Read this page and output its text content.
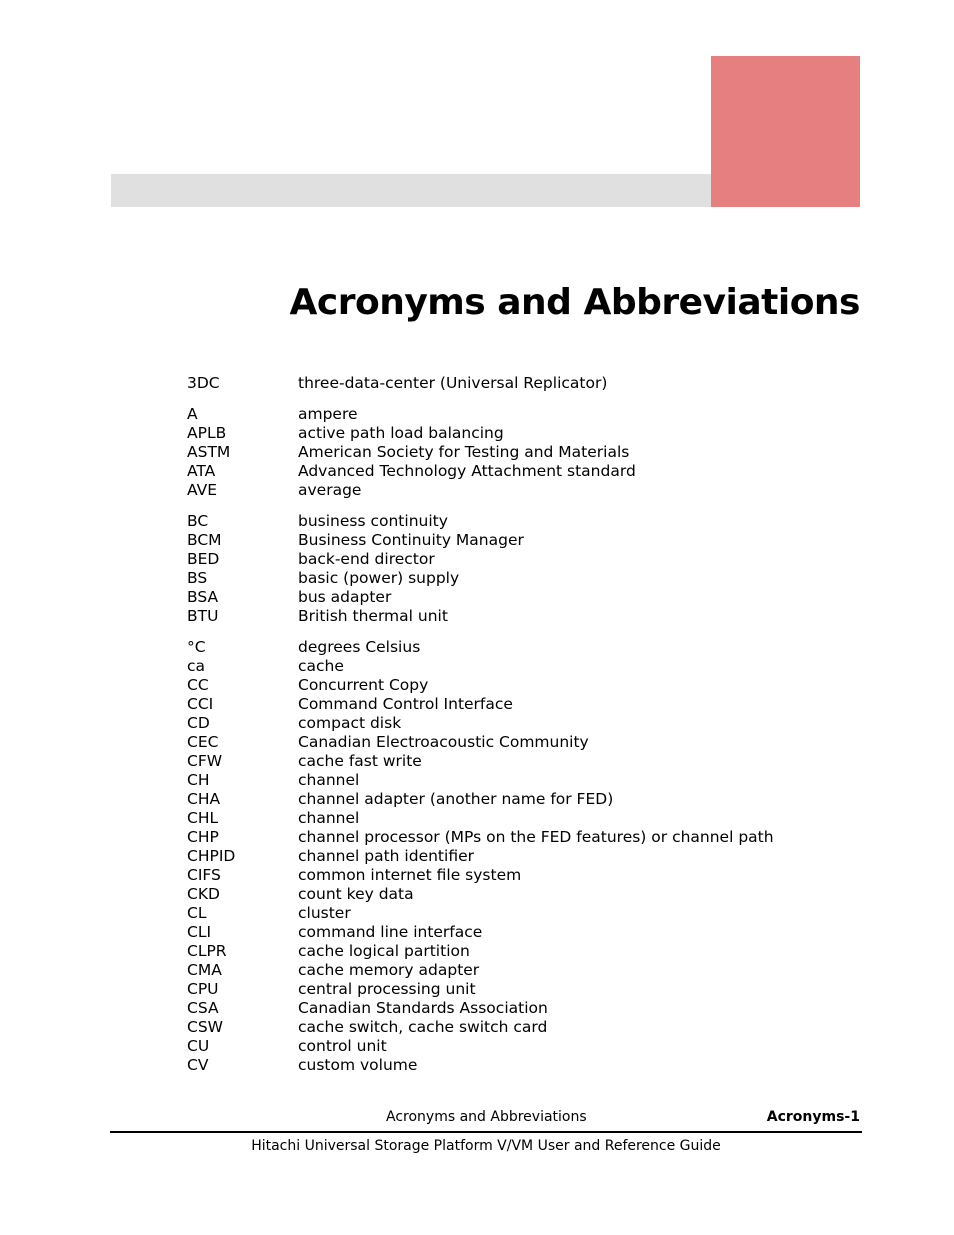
Acronyms and Abbreviations
3DC	three-data-center (Universal Replicator)
A	ampere
APLB	active path load balancing
ASTM	American Society for Testing and Materials
ATA	Advanced Technology Attachment standard
AVE	average
BC	business continuity
BCM	Business Continuity Manager
BED	back-end director
BS	basic (power) supply
BSA	bus adapter
BTU	British thermal unit
°C	degrees Celsius
ca	cache
CC	Concurrent Copy
CCI	Command Control Interface
CD	compact disk
CEC	Canadian Electroacoustic Community
CFW	cache fast write
CH	channel
CHA	channel adapter (another name for FED)
CHL	channel
CHP	channel processor (MPs on the FED features) or channel path
CHPID	channel path identifier
CIFS	common internet file system
CKD	count key data
CL	cluster
CLI	command line interface
CLPR	cache logical partition
CMA	cache memory adapter
CPU	central processing unit
CSA	Canadian Standards Association
CSW	cache switch, cache switch card
CU	control unit
CV	custom volume
Acronyms and Abbreviations	Acronyms-1
Hitachi Universal Storage Platform V/VM User and Reference Guide
